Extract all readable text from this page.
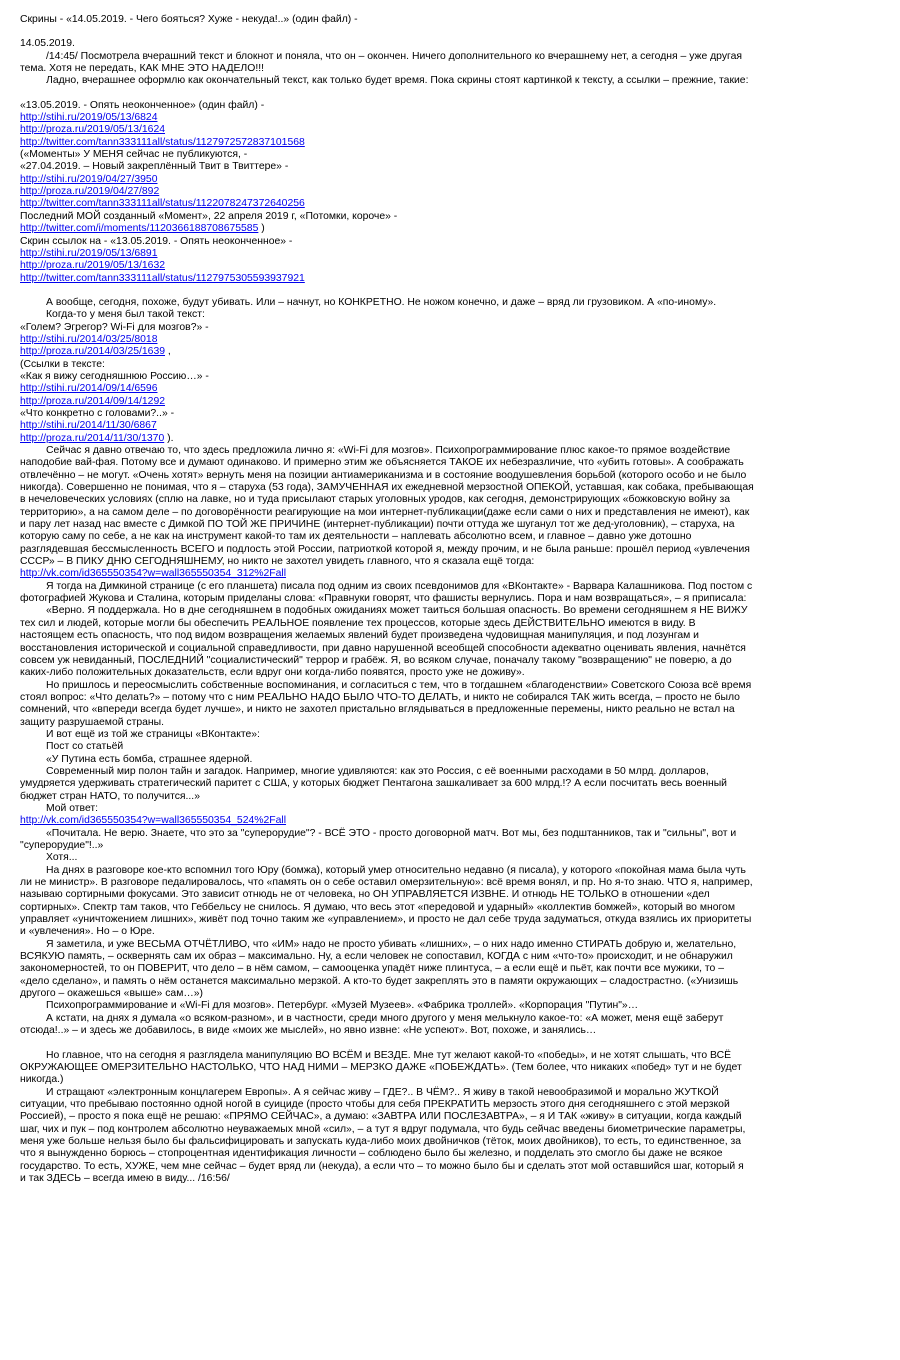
Скрины - «14.05.2019. - Чего бояться? Хуже - некуда!..» (один файл) -
14.05.2019.
/14:45/ Посмотрела вчерашний текст и блокнот и поняла, что он – окончен. Ничего дополнительного ко вчерашнему нет, а сегодня – уже другая
тема. Хотя не передать, КАК МНЕ ЭТО НАДЕЛО!!!
Ладно, вчерашнее оформлю как окончательный текст, как только будет время. Пока скрины стоят картинкой к тексту, а ссылки – прежние, такие:
«13.05.2019. - Опять неоконченное» (один файл) -
http://stihi.ru/2019/05/13/6824
http://proza.ru/2019/05/13/1624
http://twitter.com/tann333111all/status/1127972572837101568
(«Моменты» У МЕНЯ сейчас не публикуются, -
«27.04.2019. – Новый закреплённый Твит в Твиттере» -
http://stihi.ru/2019/04/27/3950
http://proza.ru/2019/04/27/892
http://twitter.com/tann333111all/status/1122078247372640256
Последний МОЙ созданный «Момент», 22 апреля 2019 г, «Потомки, короче» -
http://twitter.com/i/moments/1120366188708675585 )
Скрин ссылок на - «13.05.2019. - Опять неоконченное» -
http://stihi.ru/2019/05/13/6891
http://proza.ru/2019/05/13/1632
http://twitter.com/tann333111all/status/1127975305593937921
А вообще, сегодня, похоже, будут убивать. Или – начнут, но КОНКРЕТНО. Не ножом конечно, и даже – вряд ли грузовиком. А «по-иному».
Когда-то у меня был такой текст:
«Голем? Эгрегор? Wi-Fi для мозгов?» -
http://stihi.ru/2014/03/25/8018
http://proza.ru/2014/03/25/1639 ,
(Ссылки в тексте:
«Как я вижу сегодняшнюю Россию…» -
http://stihi.ru/2014/09/14/6596
http://proza.ru/2014/09/14/1292
«Что конкретно с головами?..» -
http://stihi.ru/2014/11/30/6867
http://proza.ru/2014/11/30/1370 ).
Сейчас я давно отвечаю то, что здесь предложила лично я: «Wi-Fi для мозгов». Психопрограммирование плюс какое-то прямое воздействие
наподобие вай-фая. Потому все и думают одинаково. И примерно этим же объясняется ТАКОЕ их небезразличие, что «убить готовы». А соображать
отвлечённо – не могут. «Очень хотят» вернуть меня на позиции антиамериканизма и в состояние воодушевления борьбой (которого особо и не было
никогда). Совершенно не понимая, что я – старуха (53 года), ЗАМУЧЕННАЯ их ежедневной мерзостной ОПЕКОЙ, уставшая, как собака, пребывающая
в нечеловеческих условиях (сплю на лавке, но и туда присылают старых уголовных уродов, как сегодня, демонстрирующих «божковскую войну за
территорию», а на самом деле – по договорённости реагирующие на мои интернет-публикации(даже если сами о них и представления не имеют), как
и пару лет назад нас вместе с Димкой ПО ТОЙ ЖЕ ПРИЧИНЕ (интернет-публикации) почти оттуда же шуганул тот же дед-уголовник), – старуха, на
которую саму по себе, а не как на инструмент какой-то там их деятельности – наплевать абсолютно всем, и главное – давно уже дотошно
разглядевшая бессмысленность ВСЕГО и подлость этой России, патриоткой которой я, между прочим, и не была раньше: прошёл период «увлечения
СССР» – В ПИКУ ДНЮ СЕГОДНЯШНЕМУ, но никто не захотел увидеть главного, что я сказала ещё тогда:
http://vk.com/id365550354?w=wall365550354_312%2Fall
Я тогда на Димкиной странице (с его планшета) писала под одним из своих псевдонимов для «ВКонтакте» - Варвара Калашникова. Под постом с
фотографией Жукова и Сталина, которым приделаны слова: «Правнуки говорят, что фашисты вернулись. Пора и нам возвращаться», – я приписала:
«Верно. Я поддержала. Но в дне сегодняшнем в подобных ожиданиях может таиться большая опасность. Во времени сегодняшнем я НЕ ВИЖУ
тех сил и людей, которые могли бы обеспечить РЕАЛЬНОЕ появление тех процессов, которые здесь ДЕЙСТВИТЕЛЬНО имеются в виду. В
настоящем есть опасность, что под видом возвращения желаемых явлений будет произведена чудовищная манипуляция, и под лозунгам и
восстановления исторической и социальной справедливости, при давно нарушенной всеобщей способности адекватно оценивать явления, начнётся
совсем уж невиданный, ПОСЛЕДНИЙ "социалистический" террор и грабёж. Я, во всяком случае, поначалу такому "возвращению" не поверю, а до
каких-либо положительных доказательств, если вдруг они когда-либо появятся, просто уже не доживу».
Но пришлось и переосмыслить собственные воспоминания, и согласиться с тем, что в тогдашнем «благоденствии» Советского Союза всё время
стоял вопрос: «Что делать?» – потому что с ним РЕАЛЬНО НАДО БЫЛО ЧТО-ТО ДЕЛАТЬ, и никто не собирался ТАК жить всегда, – просто не было
сомнений, что «впереди всегда будет лучше», и никто не захотел пристально вглядываться в предложенные перемены, никто реально не встал на
защиту разрушаемой страны.
И вот ещё из той же страницы «ВКонтакте»:
Пост со статьёй
«У Путина есть бомба, страшнее ядерной.
Современный мир полон тайн и загадок. Например, многие удивляются: как это Россия, с её военными расходами в 50 млрд. долларов,
умудряется удерживать стратегический паритет с США, у которых бюджет Пентагона зашкаливает за 600 млрд.!? А если посчитать весь военный
бюджет стран НАТО, то получится...»
Мой ответ:
http://vk.com/id365550354?w=wall365550354_524%2Fall
«Почитала. Не верю. Знаете, что это за "суперорудие"? - ВСЁ ЭТО - просто договорной матч. Вот мы, без подштанников, так и "сильны", вот и
"суперорудие"!..»
Хотя...
На днях в разговоре кое-кто вспомнил того Юру (бомжа), который умер относительно недавно (я писала), у которого «покойная мама была чуть
ли не министр». В разговоре педалировалось, что «память он о себе оставил омерзительную»: всё время вонял, и пр. Но я-то знаю. ЧТО я, например,
называю сортирными фокусами. Это зависит отнюдь не от человека, но ОН УПРАВЛЯЕТСЯ ИЗВНЕ. И отнюдь НЕ ТОЛЬКО в отношении «дел
сортирных». Спектр там таков, что Геббельсу не снилось. Я думаю, что весь этот «передовой и ударный» «коллектив бомжей», который во многом
управляет «уничтожением лишних», живёт под точно таким же «управлением», и просто не дал себе труда задуматься, откуда взялись их приоритеты
и «увлечения». Но – о Юре.
Я заметила, и уже ВЕСЬМА ОТЧЁТЛИВО, что «ИМ» надо не просто убивать «лишних», – о них надо именно СТИРАТЬ добрую и, желательно,
ВСЯКУЮ память, – осквернять сам их образ – максимально. Ну, а если человек не сопоставил, КОГДА с ним «что-то» происходит, и не обнаружил
закономерностей, то он ПОВЕРИТ, что дело – в нём самом, – самооценка упадёт ниже плинтуса, – а если ещё и пьёт, как почти все мужики, то –
«дело сделано», и память о нём останется максимально мерзкой. А кто-то будет закреплять это в памяти окружающих – сладострастно. («Унизишь
другого – окажешься «выше» сам…»)
Психопрограммирование и «Wi-Fi для мозгов». Петербург. «Музей Музеев». «Фабрика троллей». «Корпорация "Путин"»…
А кстати, на днях я думала «о всяком-разном», и в частности, среди много другого у меня мелькнуло какое-то: «А может, меня ещё заберут
отсюда!..» – и здесь же добавилось, в виде «моих же мыслей», но явно извне: «Не успеют». Вот, похоже, и занялись…
Но главное, что на сегодня я разглядела манипуляцию ВО ВСЁМ и ВЕЗДЕ. Мне тут желают какой-то «победы», и не хотят слышать, что ВСЁ
ОКРУЖАЮЩЕЕ ОМЕРЗИТЕЛЬНО НАСТОЛЬКО, ЧТО НАД НИМИ – МЕРЗКО ДАЖЕ «ПОБЕЖДАТЬ». (Тем более, что никаких «побед» тут и не будет
никогда.)
И стращают «электронным концлагерем Европы». А я сейчас живу – ГДЕ?.. В ЧЁМ?.. Я живу в такой невообразимой и морально ЖУТКОЙ
ситуации, что пребываю постоянно одной ногой в суициде (просто чтобы для себя ПРЕКРАТИТЬ мерзость этого дня сегодняшнего с этой мерзкой
Россией), – просто я пока ещё не решаю: «ПРЯМО СЕЙЧАС», а думаю: «ЗАВТРА ИЛИ ПОСЛЕЗАВТРА», – я И ТАК «живу» в ситуации, когда каждый
шаг, чих и пук – под контролем абсолютно неуважаемых мной «сил», – а тут я вдруг подумала, что будь сейчас введены биометрические параметры,
меня уже больше нельзя было бы фальсифицировать и запускать куда-либо моих двойничков (тёток, моих двойников), то есть, то единственное, за
что я вынужденно борюсь – стопроцентная идентификация личности – соблюдено было бы железно, и подделать это смогло бы даже не всякое
государство. То есть, ХУЖЕ, чем мне сейчас – будет вряд ли (некуда), а если что – то можно было бы и сделать этот мой оставшийся шаг, который я
и так ЗДЕСЬ – всегда имею в виду... /16:56/
